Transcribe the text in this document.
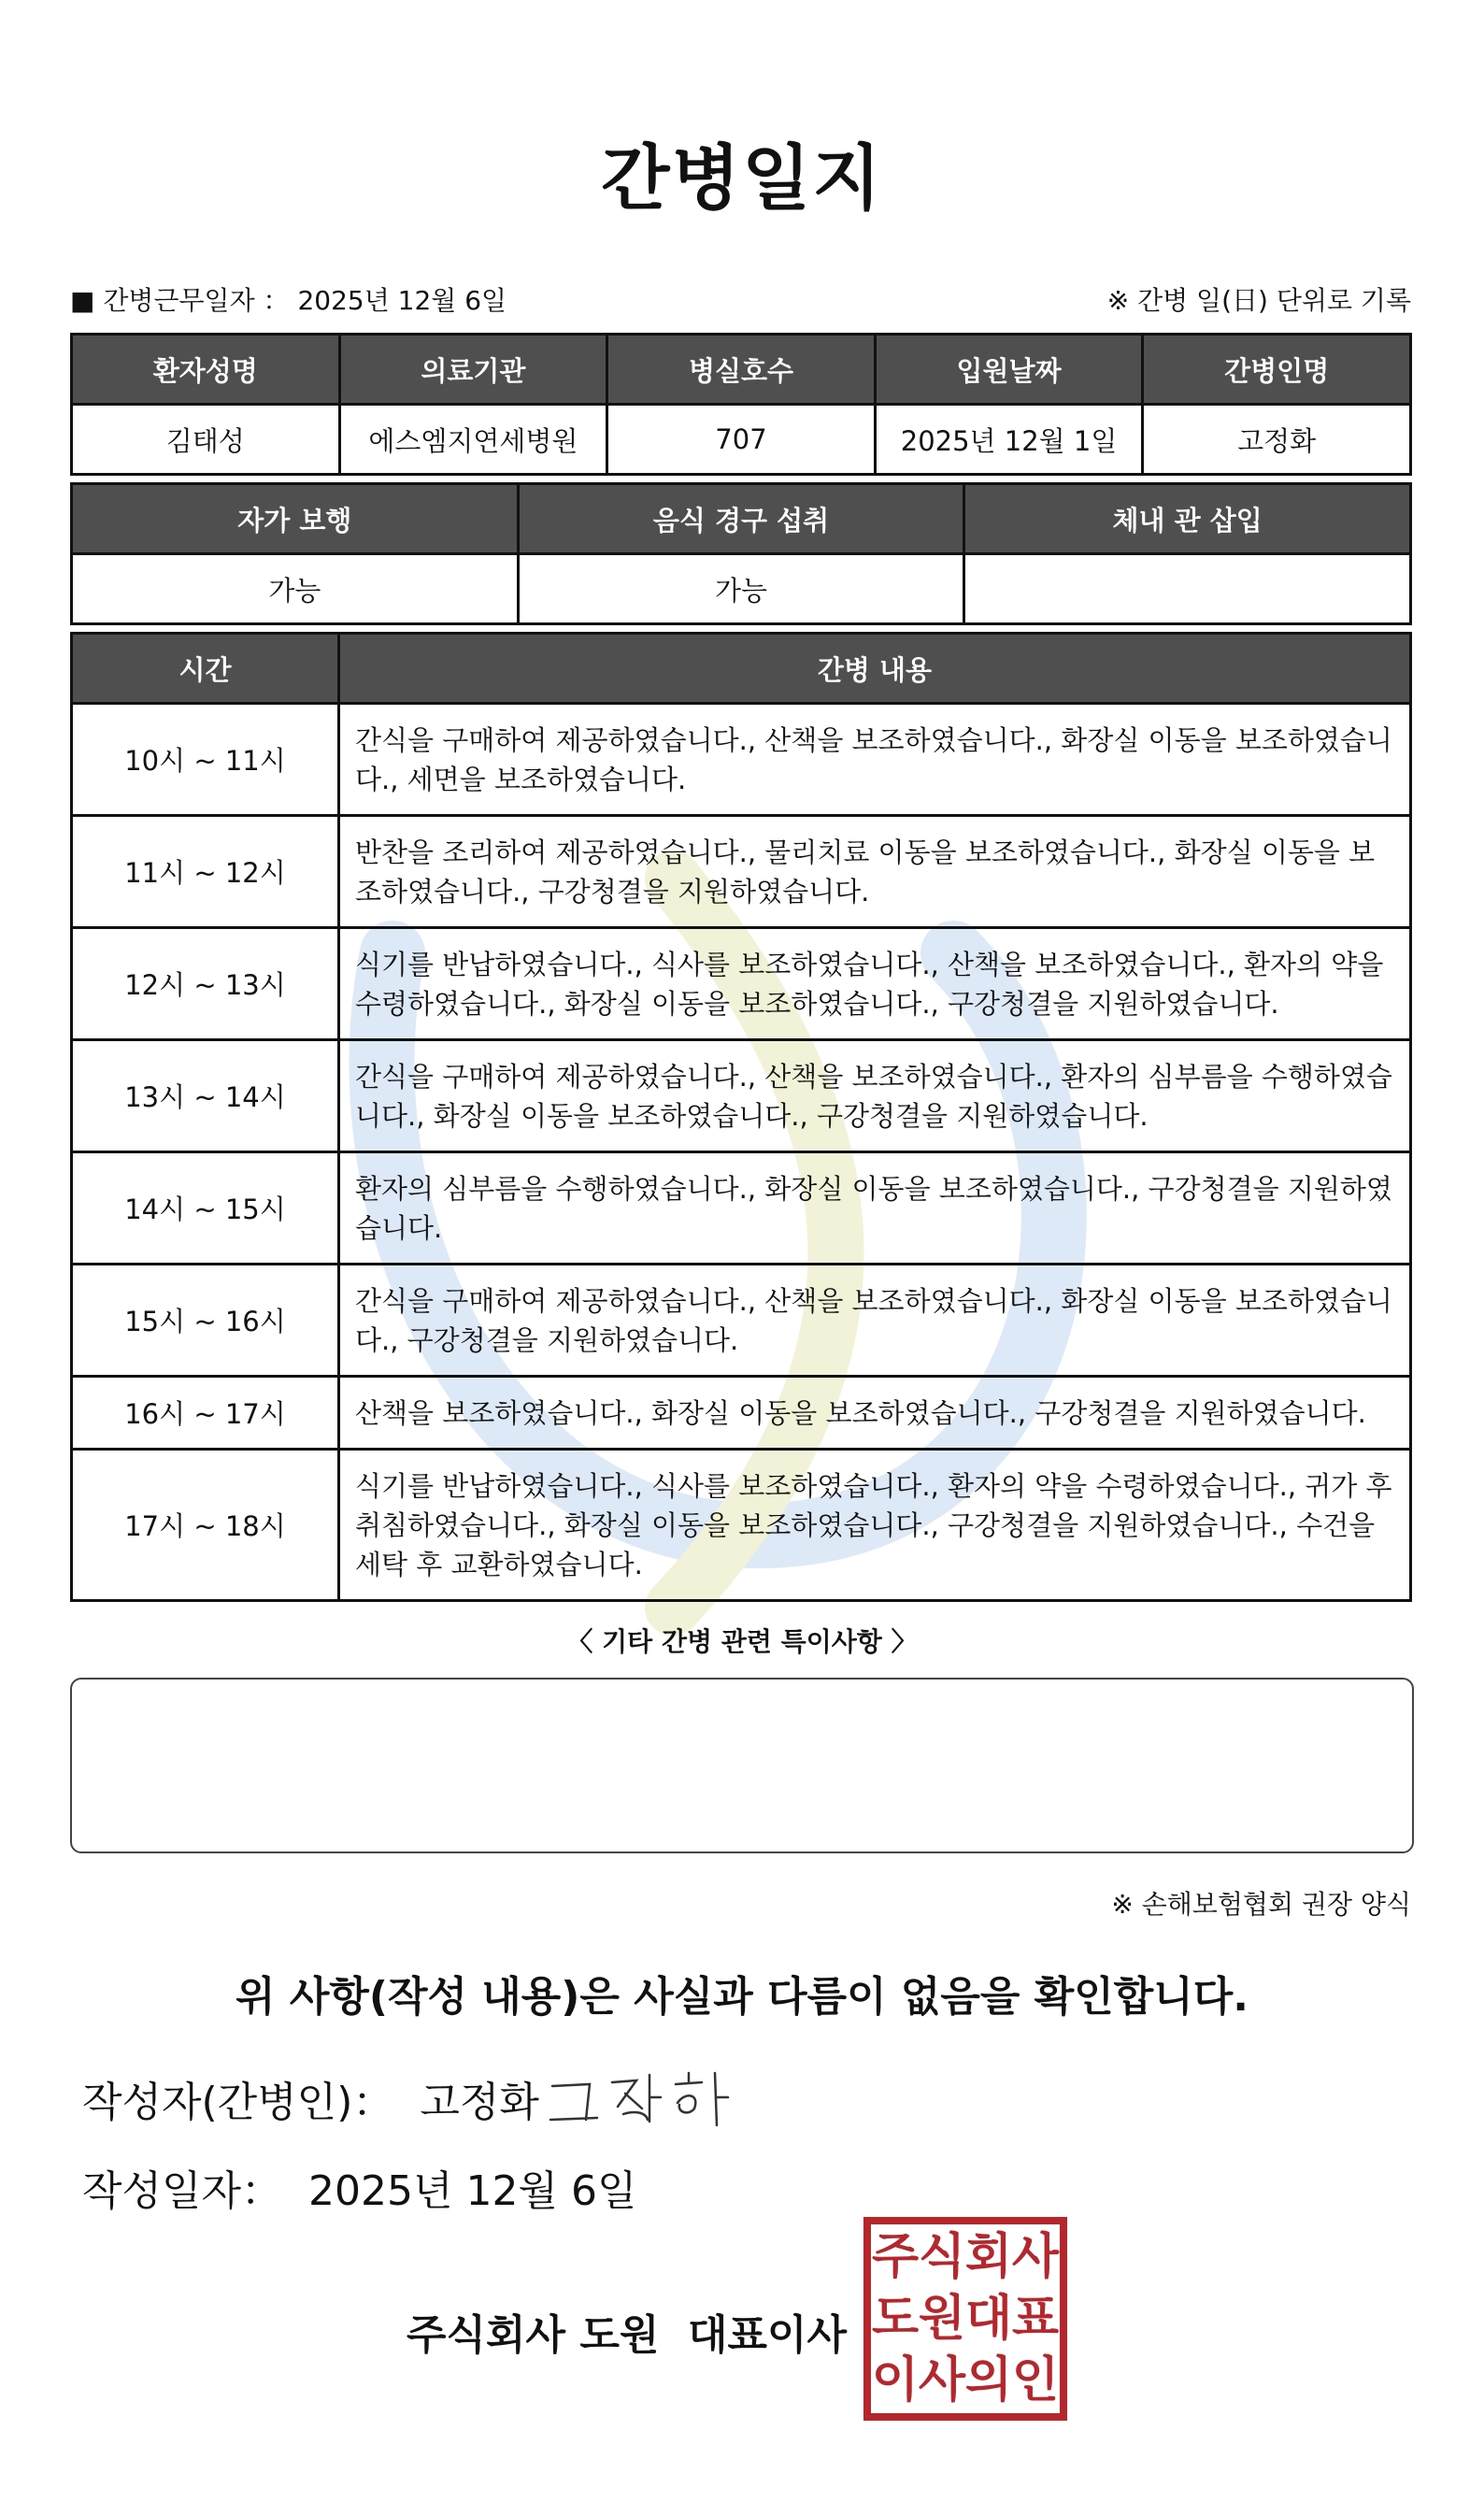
간병일지
■ 간병근무일자 ： 2025년 12월 6일	※ 간병 일(日) 단위로 기록
환자성명	의료기관	병실호수	입원날짜	간병인명
김태성	에스엠지연세병원	707	2025년 12월 1일	고정화
자가 보행	음식 경구 섭취	체내 관 삽입
가능	가능	
시간	간병 내용
10시 ~ 11시	간식을 구매하여 제공하였습니다., 산책을 보조하였습니다., 화장실 이동을 보조하였습니다., 세면을 보조하였습니다.
11시 ~ 12시	반찬을 조리하여 제공하였습니다., 물리치료 이동을 보조하였습니다., 화장실 이동을 보조하였습니다., 구강청결을 지원하였습니다.
12시 ~ 13시	식기를 반납하였습니다., 식사를 보조하였습니다., 산책을 보조하였습니다., 환자의 약을 수령하였습니다., 화장실 이동을 보조하였습니다., 구강청결을 지원하였습니다.
13시 ~ 14시	간식을 구매하여 제공하였습니다., 산책을 보조하였습니다., 환자의 심부름을 수행하였습니다., 화장실 이동을 보조하였습니다., 구강청결을 지원하였습니다.
14시 ~ 15시	환자의 심부름을 수행하였습니다., 화장실 이동을 보조하였습니다., 구강청결을 지원하였습니다.
15시 ~ 16시	간식을 구매하여 제공하였습니다., 산책을 보조하였습니다., 화장실 이동을 보조하였습니다., 구강청결을 지원하였습니다.
16시 ~ 17시	산책을 보조하였습니다., 화장실 이동을 보조하였습니다., 구강청결을 지원하였습니다.
17시 ~ 18시	식기를 반납하였습니다., 식사를 보조하였습니다., 환자의 약을 수령하였습니다., 귀가 후 취침하였습니다., 화장실 이동을 보조하였습니다., 구강청결을 지원하였습니다., 수건을 세탁 후 교환하였습니다.
〈 기타 간병 관련 특이사항 〉
※ 손해보험협회 권장 양식
위 사항(작성 내용)은 사실과 다름이 없음을 확인합니다.
작성자(간병인)： 고정화
작성일자： 2025년 12월 6일
주식회사 도원  대표이사
주 식 회 사
도 원 대 표
이 사 의 인
